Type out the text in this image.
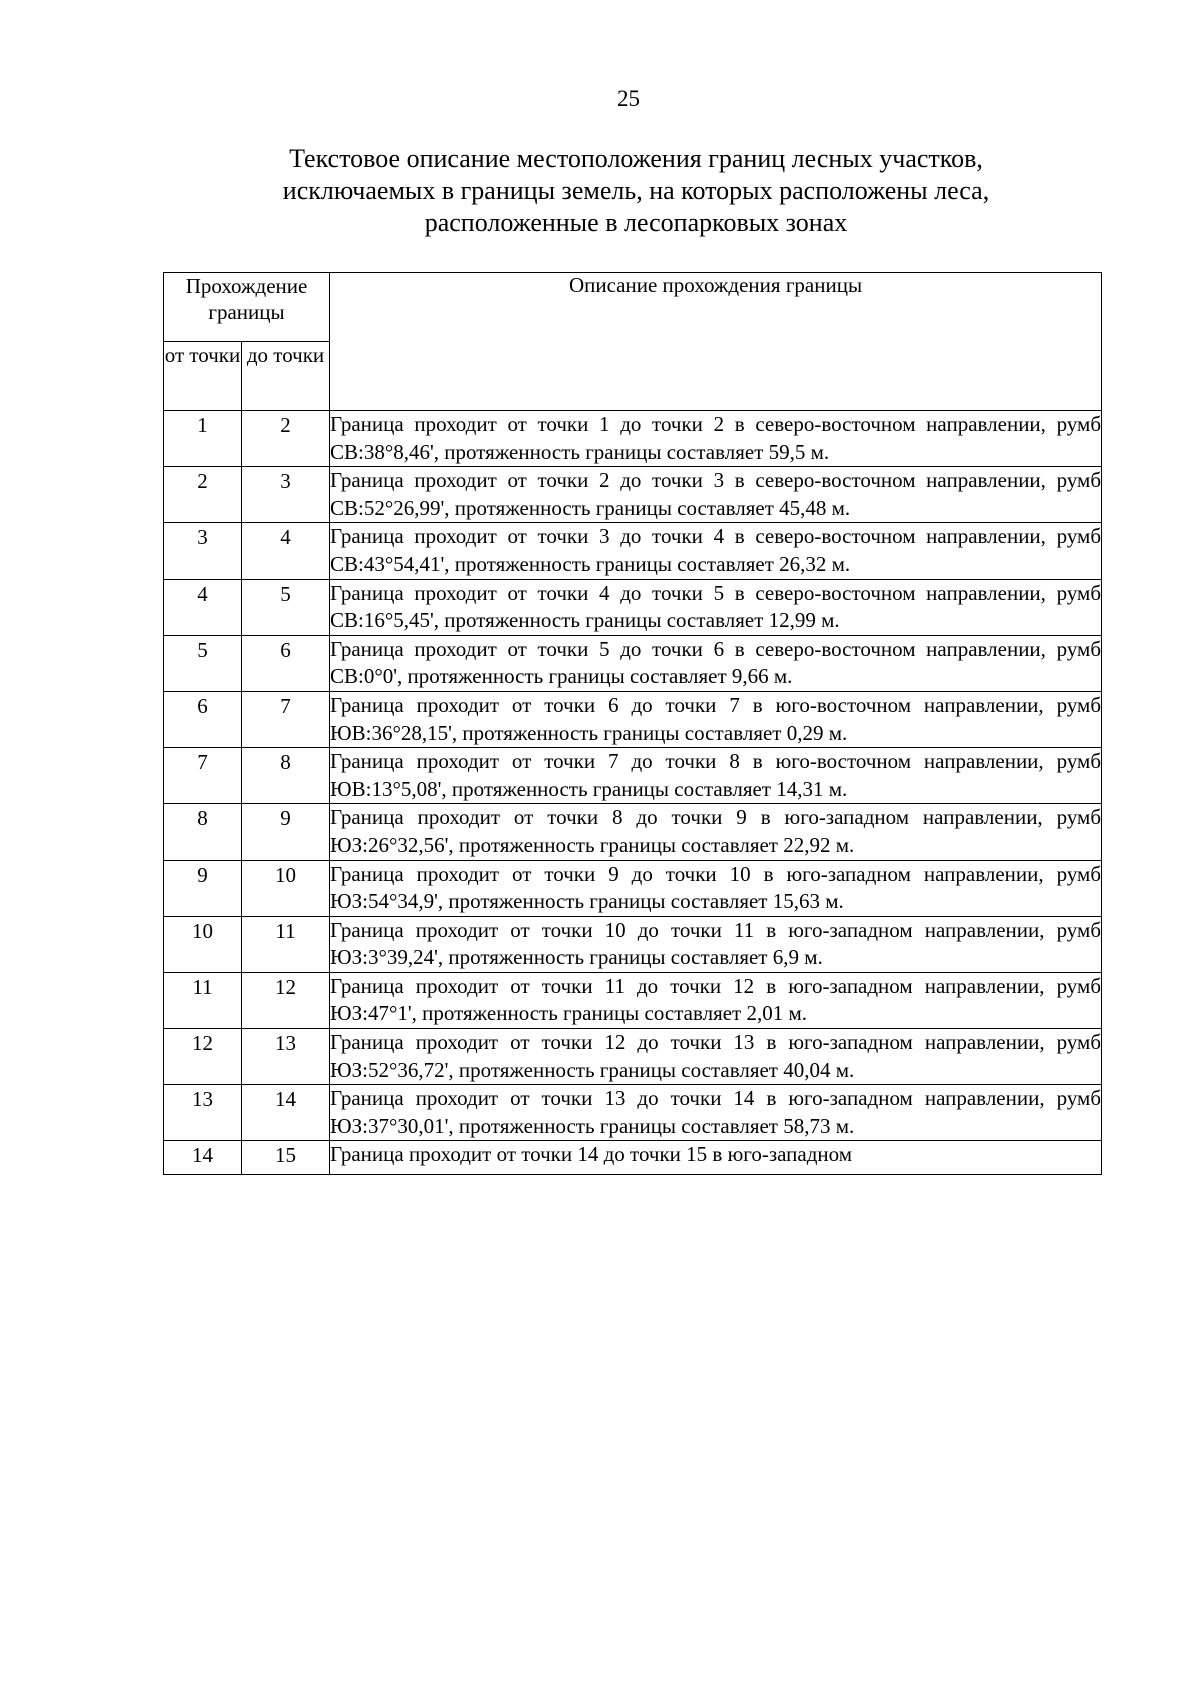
25
Текстовое описание местоположения границ лесных участков,
исключаемых в границы земель, на которых расположены леса,
расположенные в лесопарковых зонах
Прохождение границы		Описание прохождения границы
от точки	до точки	
1	2	Граница проходит от точки 1 до точки 2 в северо-восточном направлении, румб СВ:38°8,46', протяженность границы составляет 59,5 м.

2	3	Граница проходит от точки 2 до точки 3 в северо-восточном направлении, румб СВ:52°26,99', протяженность границы составляет 45,48 м.

3	4	Граница проходит от точки 3 до точки 4 в северо-восточном направлении, румб СВ:43°54,41', протяженность границы составляет 26,32 м.

4	5	Граница проходит от точки 4 до точки 5 в северо-восточном направлении, румб СВ:16°5,45', протяженность границы составляет 12,99 м.

5	6	Граница проходит от точки 5 до точки 6 в северо-восточном направлении, румб СВ:0°0', протяженность границы составляет 9,66 м.

6	7	Граница проходит от точки 6 до точки 7 в юго-восточном направлении, румб ЮВ:36°28,15', протяженность границы составляет 0,29 м.

7	8	Граница проходит от точки 7 до точки 8 в юго-восточном направлении, румб ЮВ:13°5,08', протяженность границы составляет 14,31 м.

8	9	Граница проходит от точки 8 до точки 9 в юго-западном направлении, румб ЮЗ:26°32,56', протяженность границы составляет 22,92 м.

9	10	Граница проходит от точки 9 до точки 10 в юго-западном направлении, румб ЮЗ:54°34,9', протяженность границы составляет 15,63 м.

10	11	Граница проходит от точки 10 до точки 11 в юго-западном направлении, румб ЮЗ:3°39,24', протяженность границы составляет 6,9 м.

11	12	Граница проходит от точки 11 до точки 12 в юго-западном направлении, румб ЮЗ:47°1', протяженность границы составляет 2,01 м.

12	13	Граница проходит от точки 12 до точки 13 в юго-западном направлении, румб ЮЗ:52°36,72', протяженность границы составляет 40,04 м.

13	14	Граница проходит от точки 13 до точки 14 в юго-западном направлении, румб ЮЗ:37°30,01', протяженность границы составляет 58,73 м.

14	15	Граница проходит от точки 14 до точки 15 в юго-западном
